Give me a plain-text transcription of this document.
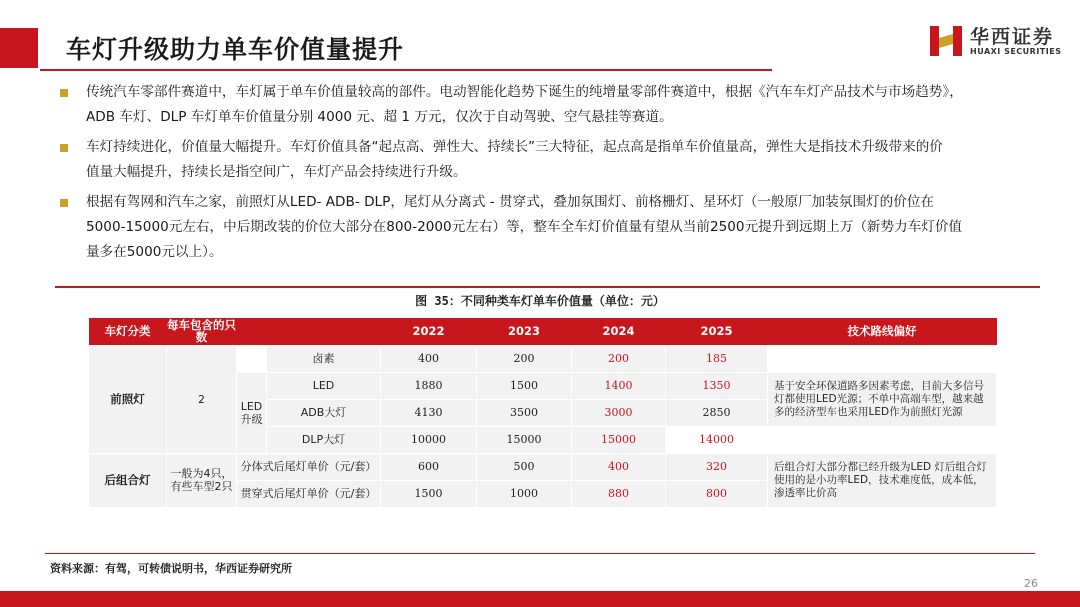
车灯升级助力单车价值量提升	华西证券
HUAXI SECURITIES
传统汽车零部件赛道中，车灯属于单车价值量较高的部件。电动智能化趋势下诞生的纯增量零部件赛道中，根据《汽车车灯产品技术与市场趋势》，
ADB 车灯、DLP 车灯单车价值量分别 4000 元、超 1 万元，仅次于自动驾驶、空气悬挂等赛道。
车灯持续进化，价值量大幅提升。车灯价值具备“起点高、弹性大、持续长”三大特征，起点高是指单车价值量高，弹性大是指技术升级带来的价
值量大幅提升，持续长是指空间广，车灯产品会持续进行升级。
根据有驾网和汽车之家，前照灯从LED- ADB- DLP，尾灯从分离式 - 贯穿式，叠加氛围灯、前格栅灯、星环灯（一般原厂加装氛围灯的价位在
5000-15000元左右，中后期改装的价位大部分在800-2000元左右）等，整车全车灯价值量有望从当前2500元提升到远期上万（新势力车灯价值
量多在5000元以上）。
图 35：不同种类车灯单车价值量（单位：元）
车灯分类	每车包含的只数			2022	2023	2024	2025	技术路线偏好
前照灯	2		卤素	400	200	200	185	
		LED升级	LED	1880	1500	1400	1350	基于安全环保道路多因素考虑，目前大多信号灯都使用LED光源；不单中高端车型，越来越多的经济型车也采用LED作为前照灯光源
			ADB大灯	4130	3500	3000	2850	
			DLP大灯	10000	15000	15000	14000	
后组合灯	一般为4只，有些车型2只	分体式后尾灯单价（元/套）		600	500	400	320	后组合灯大部分都已经升级为LED 灯后组合灯使用的是小功率LED，技术难度低，成本低，渗透率比价高
		贯穿式后尾灯单价（元/套）		1500	1000	880	800	
资料来源：有驾，可转债说明书，华西证券研究所
26
